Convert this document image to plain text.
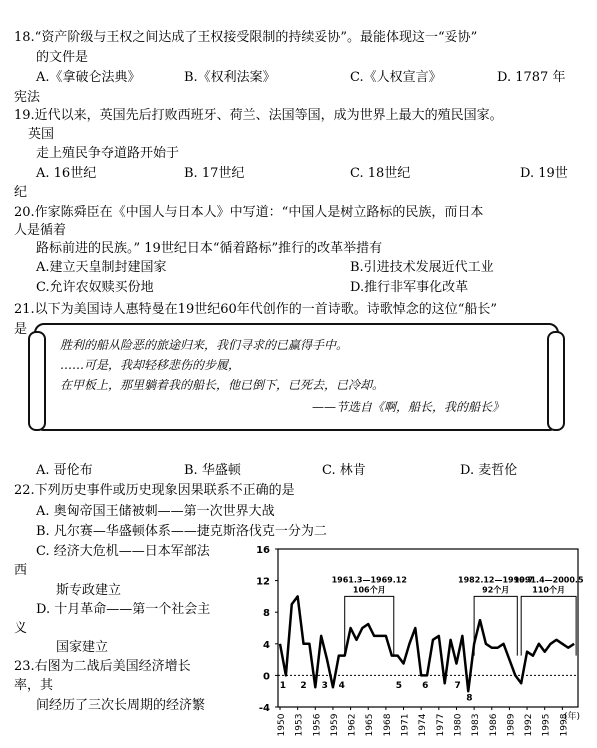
18.“资产阶级与王权之间达成了王权接受限制的持续妥协”。最能体现这一“妥协”
的文件是
A.《拿破仑法典》	B.《权利法案》	C.《人权宣言》	D. 1787 年
宪法
19.近代以来，英国先后打败西班牙、荷兰、法国等国，成为世界上最大的殖民国家。
英国
走上殖民争夺道路开始于
A. 16世纪	B. 17世纪	C. 18世纪	D. 19世
纪
20.作家陈舜臣在《中国人与日本人》中写道：“中国人是树立路标的民族，而日本
人是循着
路标前进的民族。” 19世纪日本“循着路标”推行的改革举措有
A.建立天皇制封建国家	B.引进技术发展近代工业
C.允许农奴赎买份地	D.推行非军事化改革
21.以下为美国诗人惠特曼在19世纪60年代创作的一首诗歌。诗歌悼念的这位“船长”
是
胜利的船从险恶的旅途归来，我们寻求的已赢得手中。
……可是，我却轻移悲伤的步履，
在甲板上，那里躺着我的船长，他已倒下，已死去，已冷却。
——节选自《啊，船长，我的船长》
A. 哥伦布	B. 华盛顿	C. 林肯	D. 麦哲伦
22.下列历史事件或历史现象因果联系不正确的是
A. 奥匈帝国王储被刺——第一次世界大战
B. 凡尔赛—华盛顿体系——捷克斯洛伐克一分为二
C. 经济大危机——日本军部法
西
斯专政建立
D. 十月革命——第一个社会主
义
国家建立
23.右图为二战后美国经济增长
率，其
间经历了三次长周期的经济繁	-4
0
4
8
12
16
1950 1953 1956 1959 1962 1965 1968 1971 1974 1977 1980 1983 1986 1989 1992 1995 1998
(年)
1961.3—1969.12
106个月
1982.12—1990.7
92个月
1991.4—2000.5
110个月
1 2 3 4	5 6	7
8
